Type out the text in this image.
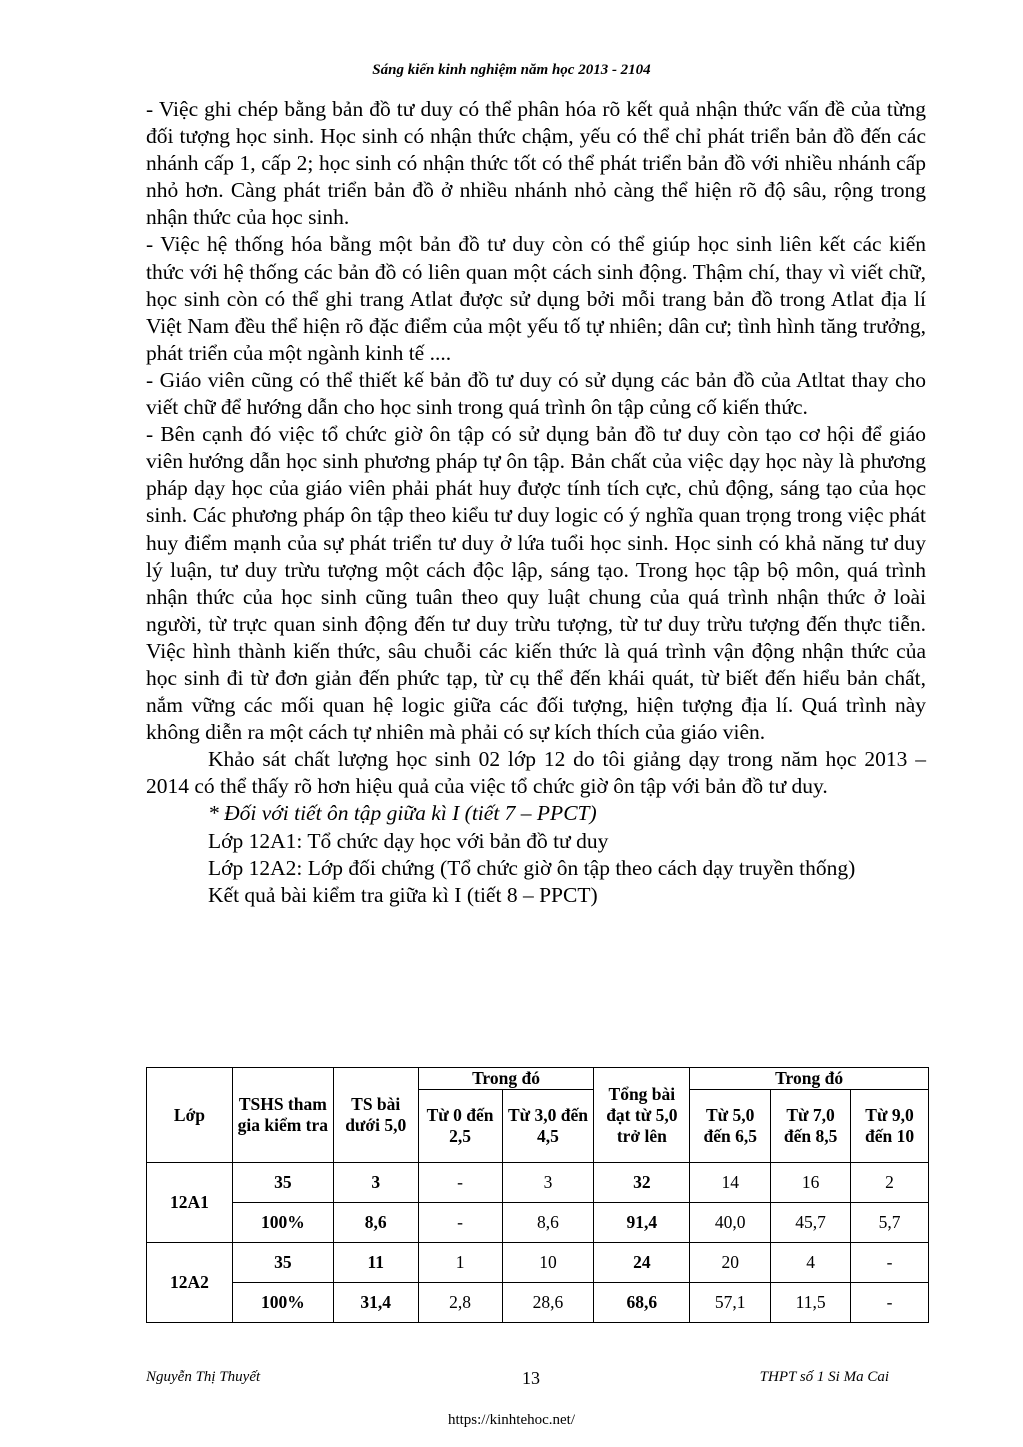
Sáng kiến kinh nghiệm năm học 2013 - 2104

- Việc ghi chép bằng bản đồ tư duy có thể phân hóa rõ kết quả nhận thức vấn đề của từng đối tượng học sinh. Học sinh có nhận thức chậm, yếu có thể chỉ phát triển bản đồ đến các nhánh cấp 1, cấp 2; học sinh có nhận thức tốt có thể phát triển bản đồ với nhiều nhánh cấp nhỏ hơn. Càng phát triển bản đồ ở nhiều nhánh nhỏ càng thể hiện rõ độ sâu, rộng trong nhận thức của học sinh.

- Việc hệ thống hóa bằng một bản đồ tư duy còn có thể giúp học sinh liên kết các kiến thức với hệ thống các bản đồ có liên quan một cách sinh động. Thậm chí, thay vì viết chữ, học sinh còn có thể ghi trang Atlat được sử dụng bởi mỗi trang bản đồ trong Atlat địa lí Việt Nam đều thể hiện rõ đặc điểm của một yếu tố tự nhiên; dân cư; tình hình tăng trưởng, phát triển của một ngành kinh tế ....

- Giáo viên cũng có thể thiết kế bản đồ tư duy có sử dụng các bản đồ của Atltat thay cho viết chữ để hướng dẫn cho học sinh trong quá trình ôn tập củng cố kiến thức.

- Bên cạnh đó việc tổ chức giờ ôn tập có sử dụng bản đồ tư duy còn tạo cơ hội để giáo viên hướng dẫn học sinh phương pháp tự ôn tập. Bản chất của việc dạy học này là phương pháp dạy học của giáo viên phải phát huy được tính tích cực, chủ động, sáng tạo của học sinh. Các phương pháp ôn tập theo kiểu tư duy logic có ý nghĩa quan trọng trong việc phát huy điểm mạnh của sự phát triển tư duy ở lứa tuổi học sinh. Học sinh có khả năng tư duy lý luận, tư duy trừu tượng một cách độc lập, sáng tạo. Trong học tập bộ môn, quá trình nhận thức của học sinh cũng tuân theo quy luật chung của quá trình nhận thức ở loài người, từ trực quan sinh động đến tư duy trừu tượng, từ tư duy trừu tượng đến thực tiễn. Việc hình thành kiến thức, sâu chuỗi các kiến thức là quá trình vận động nhận thức của học sinh đi từ đơn giản đến phức tạp, từ cụ thể đến khái quát, từ biết đến hiểu bản chất, nắm vững các mối quan hệ logic giữa các đối tượng, hiện tượng địa lí. Quá trình này không diễn ra một cách tự nhiên mà phải có sự kích thích của giáo viên.

Khảo sát chất lượng học sinh 02 lớp 12 do tôi giảng dạy trong năm học 2013 – 2014 có thể thấy rõ hơn hiệu quả của việc tổ chức giờ ôn tập với bản đồ tư duy.

* Đối với tiết ôn tập giữa kì I (tiết 7 – PPCT)

Lớp 12A1: Tổ chức dạy học với bản đồ tư duy

Lớp 12A2: Lớp đối chứng (Tổ chức giờ ôn tập theo cách dạy truyền thống)

Kết quả bài kiểm tra giữa kì I (tiết 8 – PPCT)

Lớp	TSHS tham gia kiểm tra	TS bài dưới 5,0	Trong đó		Tổng bài đạt từ 5,0 trở lên	Trong đó		
			Từ 0 đến 2,5	Từ 3,0 đến 4,5		Từ 5,0 đến 6,5	Từ 7,0 đến 8,5	Từ 9,0 đến 10
12A1	35	3	-	3	32	14	16	2
	100%	8,6	-	8,6	91,4	40,0	45,7	5,7
12A2	35	11	1	10	24	20	4	-
	100%	31,4	2,8	28,6	68,6	57,1	11,5	-
Nguyễn Thị Thuyết	13	THPT số 1 Si Ma Cai
https://kinhtehoc.net/
